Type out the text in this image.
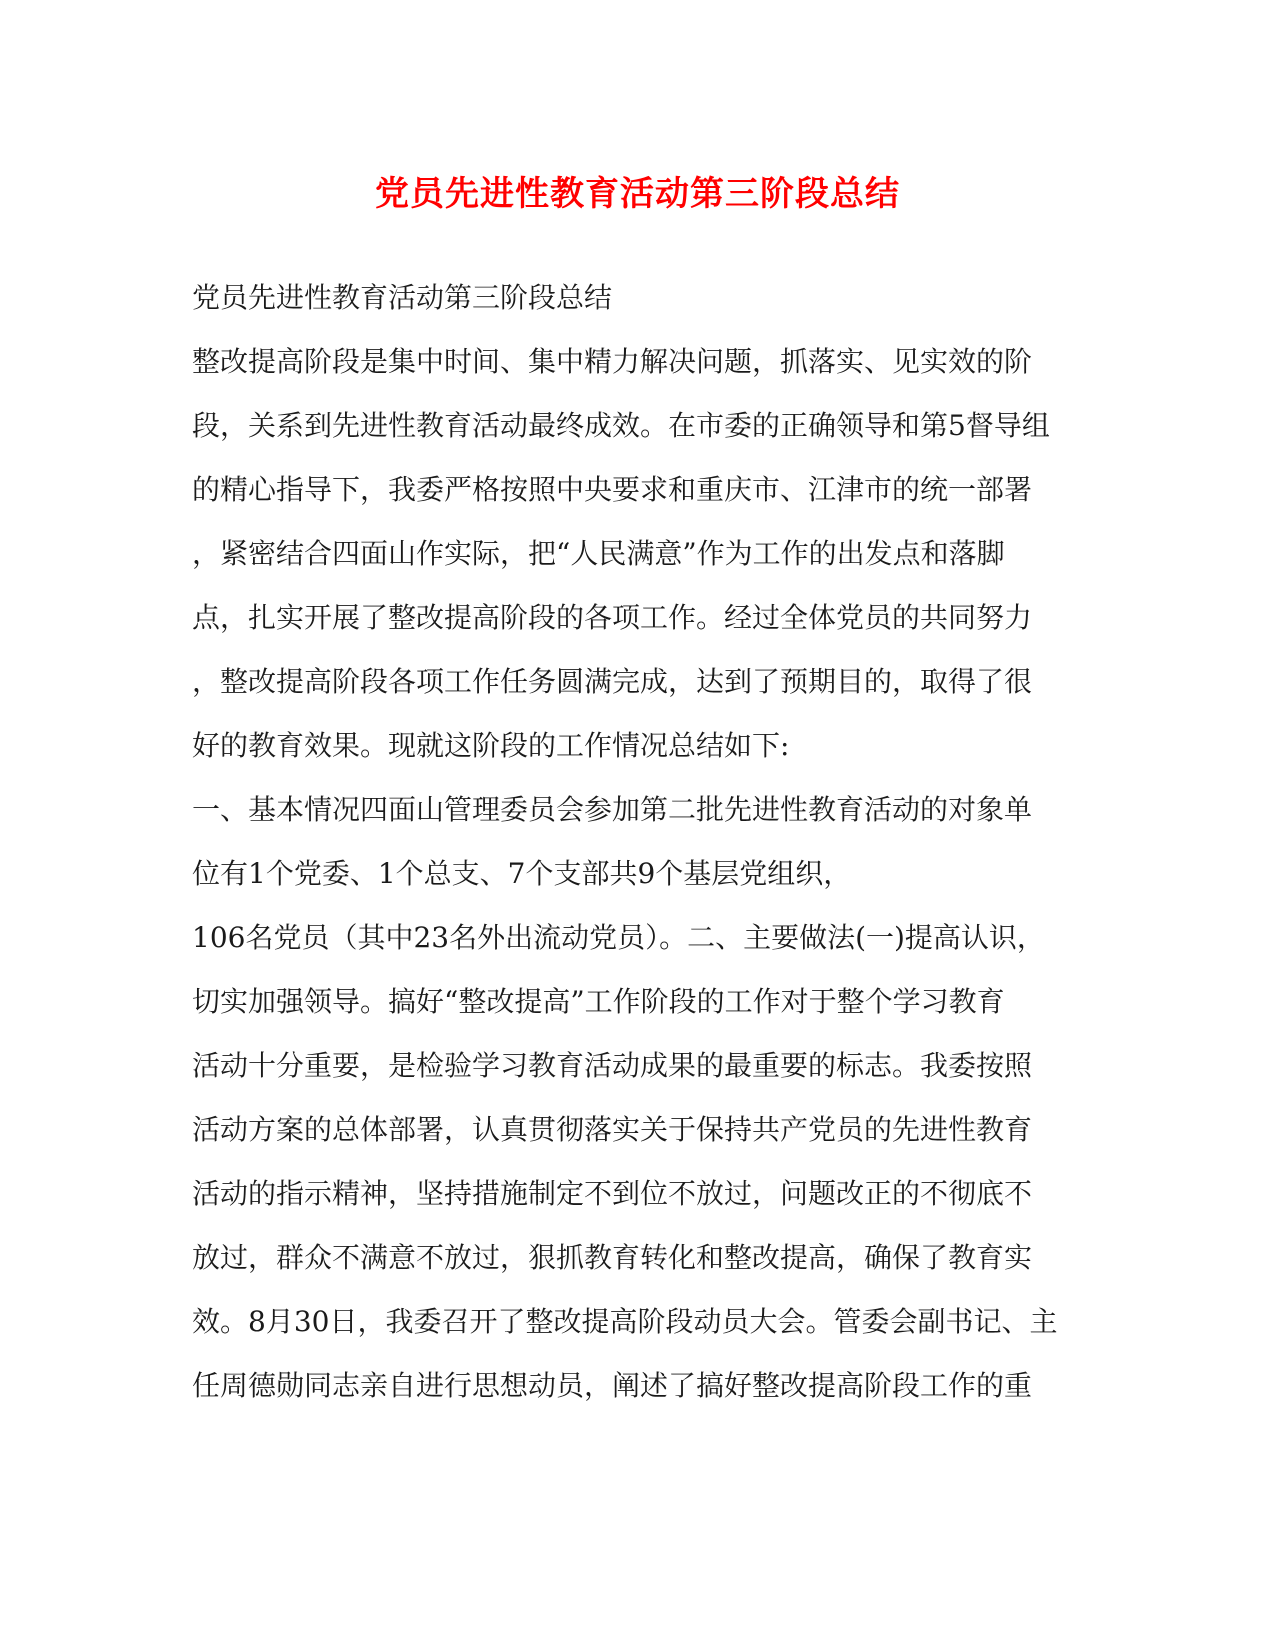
党员先进性教育活动第三阶段总结
党员先进性教育活动第三阶段总结
整改提高阶段是集中时间、集中精力解决问题，抓落实、见实效的阶
段，关系到先进性教育活动最终成效。在市委的正确领导和第5督导组
的精心指导下，我委严格按照中央要求和重庆市、江津市的统一部署
，紧密结合四面山作实际，把“人民满意”作为工作的出发点和落脚
点，扎实开展了整改提高阶段的各项工作。经过全体党员的共同努力
，整改提高阶段各项工作任务圆满完成，达到了预期目的，取得了很
好的教育效果。现就这阶段的工作情况总结如下:
一、基本情况四面山管理委员会参加第二批先进性教育活动的对象单
位有1个党委、1个总支、7个支部共9个基层党组织，
106名党员（其中23名外出流动党员）。二、主要做法(一)提高认识，
切实加强领导。搞好“整改提高”工作阶段的工作对于整个学习教育
活动十分重要，是检验学习教育活动成果的最重要的标志。我委按照
活动方案的总体部署，认真贯彻落实关于保持共产党员的先进性教育
活动的指示精神，坚持措施制定不到位不放过，问题改正的不彻底不
放过，群众不满意不放过，狠抓教育转化和整改提高，确保了教育实
效。8月30日，我委召开了整改提高阶段动员大会。管委会副书记、主
任周德勋同志亲自进行思想动员，阐述了搞好整改提高阶段工作的重
